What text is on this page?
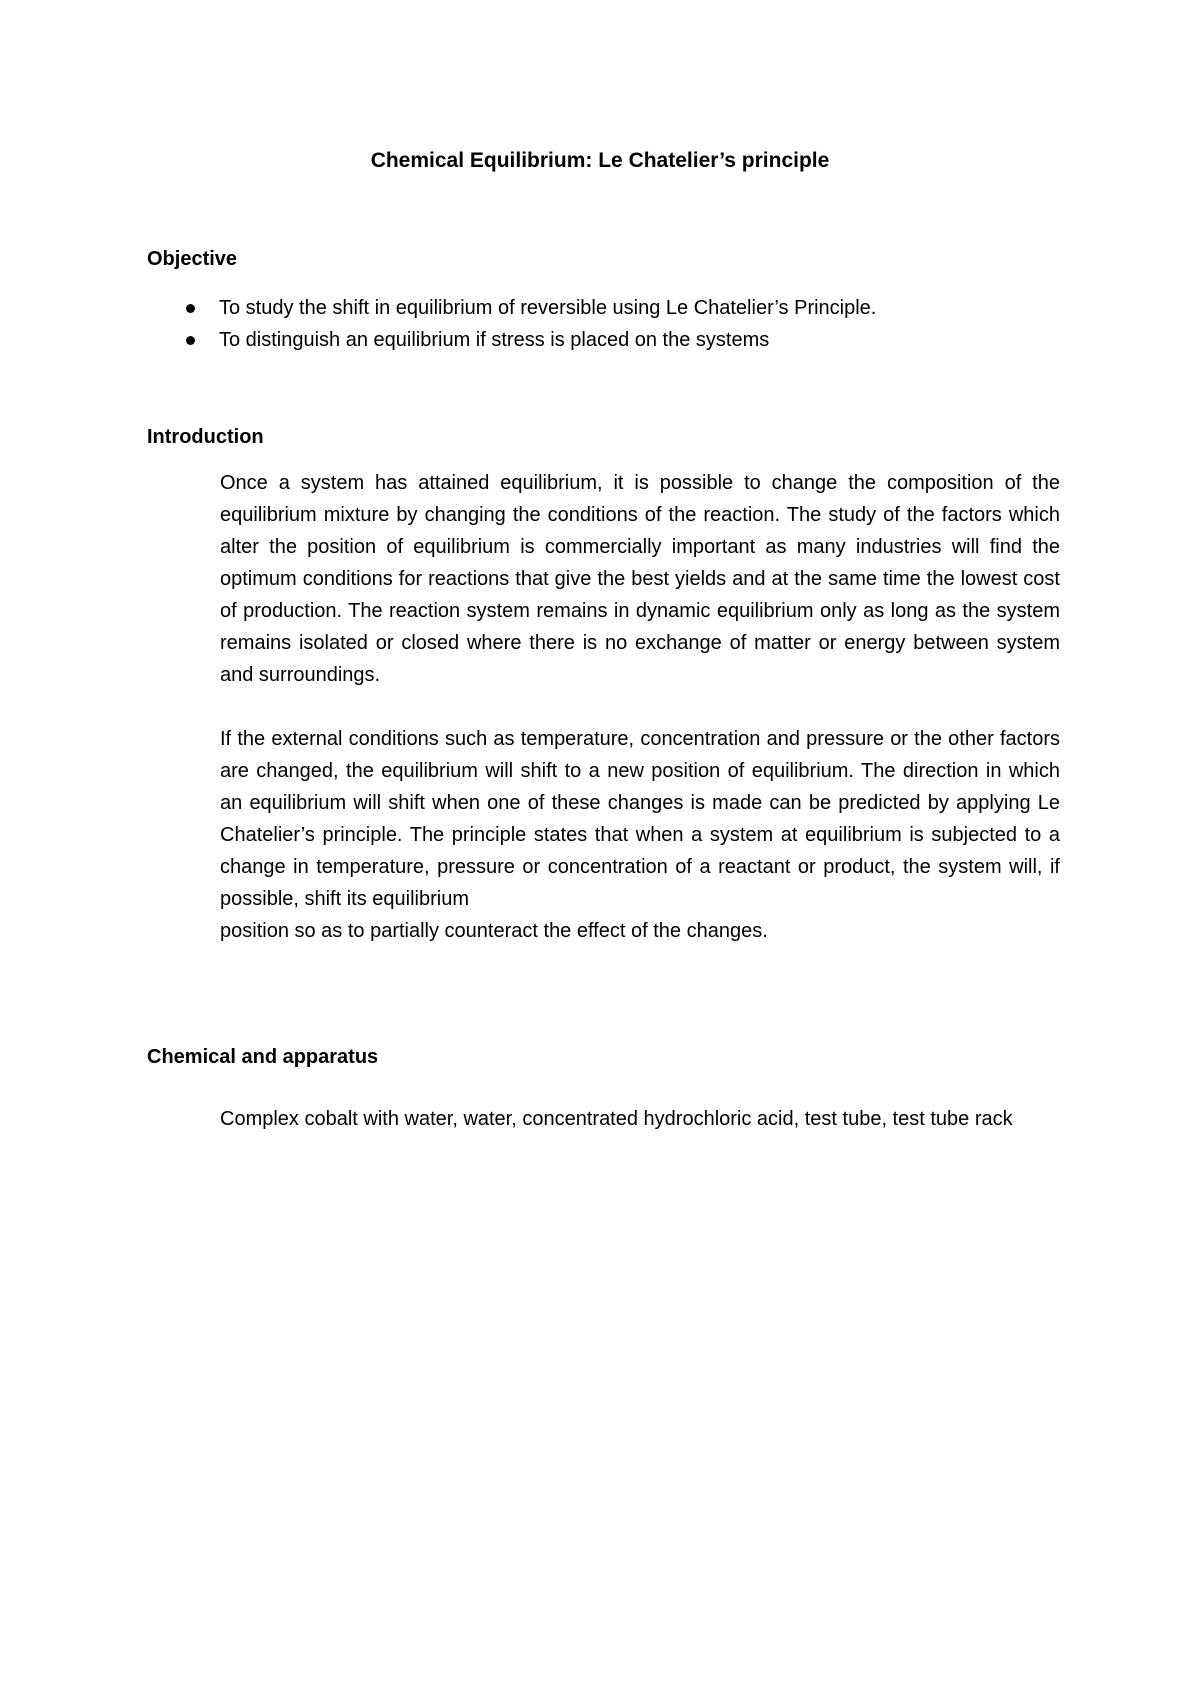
Chemical Equilibrium: Le Chatelier’s principle
Objective
To study the shift in equilibrium of reversible using Le Chatelier’s Principle.
To distinguish an equilibrium if stress is placed on the systems
Introduction

Once a system has attained equilibrium, it is possible to change the composition of the equilibrium mixture by changing the conditions of the reaction. The study of the factors which alter the position of equilibrium is commercially important as many industries will find the optimum conditions for reactions that give the best yields and at the same time the lowest cost of production. The reaction system remains in dynamic equilibrium only as long as the system remains isolated or closed where there is no exchange of matter or energy between system and surroundings.

If the external conditions such as temperature, concentration and pressure or the other factors are changed, the equilibrium will shift to a new position of equilibrium. The direction in which an equilibrium will shift when one of these changes is made can be predicted by applying Le Chatelier’s principle. The principle states that when a system at equilibrium is subjected to a change in temperature, pressure or concentration of a reactant or product, the system will, if possible, shift its equilibrium
position so as to partially counteract the effect of the changes.
Chemical and apparatus

Complex cobalt with water, water, concentrated hydrochloric acid, test tube, test tube rack
